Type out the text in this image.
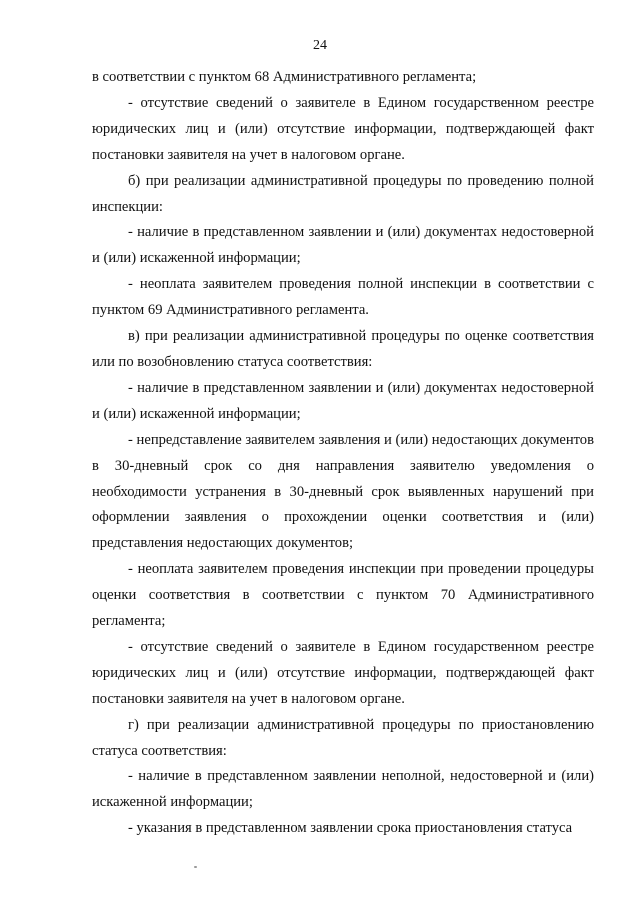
24

в соответствии с пунктом 68 Административного регламента;

- отсутствие сведений о заявителе в Едином государственном реестре юридических лиц и (или) отсутствие информации, подтверждающей факт постановки заявителя на учет в налоговом органе.

б) при реализации административной процедуры по проведению полной инспекции:

- наличие в представленном заявлении и (или) документах недостоверной и (или) искаженной информации;

- неоплата заявителем проведения полной инспекции в соответствии с пунктом 69 Административного регламента.

в) при реализации административной процедуры по оценке соответствия или по возобновлению статуса соответствия:

- наличие в представленном заявлении и (или) документах недостоверной и (или) искаженной информации;

- непредставление заявителем заявления и (или) недостающих документов в 30-дневный срок со дня направления заявителю уведомления о необходимости устранения в 30-дневный срок выявленных нарушений при оформлении заявления о прохождении оценки соответствия и (или) представления недостающих документов;

- неоплата заявителем проведения инспекции при проведении процедуры оценки соответствия в соответствии с пунктом 70 Административного регламента;

- отсутствие сведений о заявителе в Едином государственном реестре юридических лиц и (или) отсутствие информации, подтверждающей факт постановки заявителя на учет в налоговом органе.

г) при реализации административной процедуры по приостановлению статуса соответствия:

- наличие в представленном заявлении неполной, недостоверной и (или) искаженной информации;

- указания в представленном заявлении срока приостановления статуса
